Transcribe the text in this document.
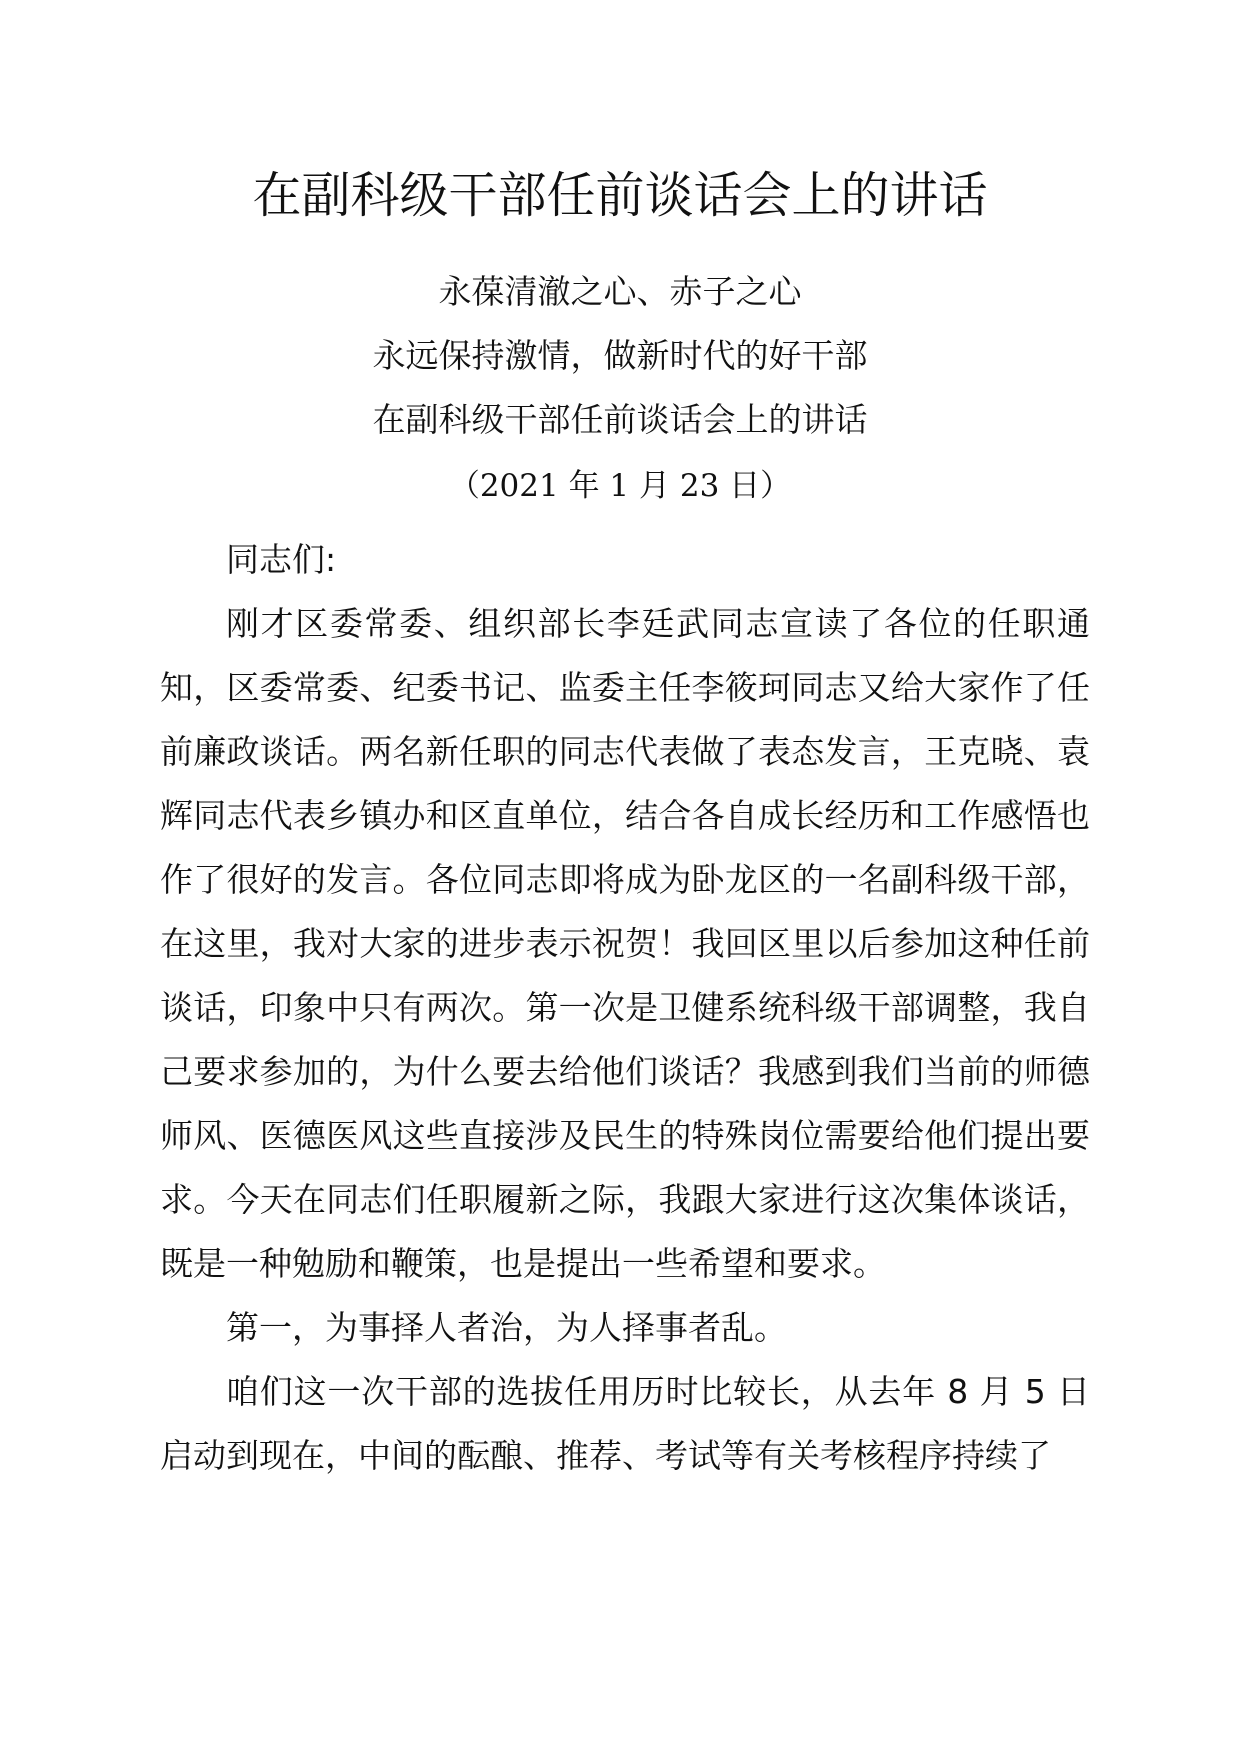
在副科级干部任前谈话会上的讲话
永葆清澈之心、赤子之心
永远保持激情，做新时代的好干部
在副科级干部任前谈话会上的讲话
（2021 年 1 月 23 日）

同志们:

刚才区委常委、组织部长李廷武同志宣读了各位的任职通知，区委常委、纪委书记、监委主任李筱珂同志又给大家作了任前廉政谈话。两名新任职的同志代表做了表态发言，王克晓、袁辉同志代表乡镇办和区直单位，结合各自成长经历和工作感悟也作了很好的发言。各位同志即将成为卧龙区的一名副科级干部，在这里，我对大家的进步表示祝贺！我回区里以后参加这种任前谈话，印象中只有两次。第一次是卫健系统科级干部调整，我自己要求参加的，为什么要去给他们谈话？我感到我们当前的师德师风、医德医风这些直接涉及民生的特殊岗位需要给他们提出要求。今天在同志们任职履新之际，我跟大家进行这次集体谈话，既是一种勉励和鞭策，也是提出一些希望和要求。

第一，为事择人者治，为人择事者乱。

咱们这一次干部的选拔任用历时比较长，从去年 8 月 5 日启动到现在，中间的酝酿、推荐、考试等有关考核程序持续了
